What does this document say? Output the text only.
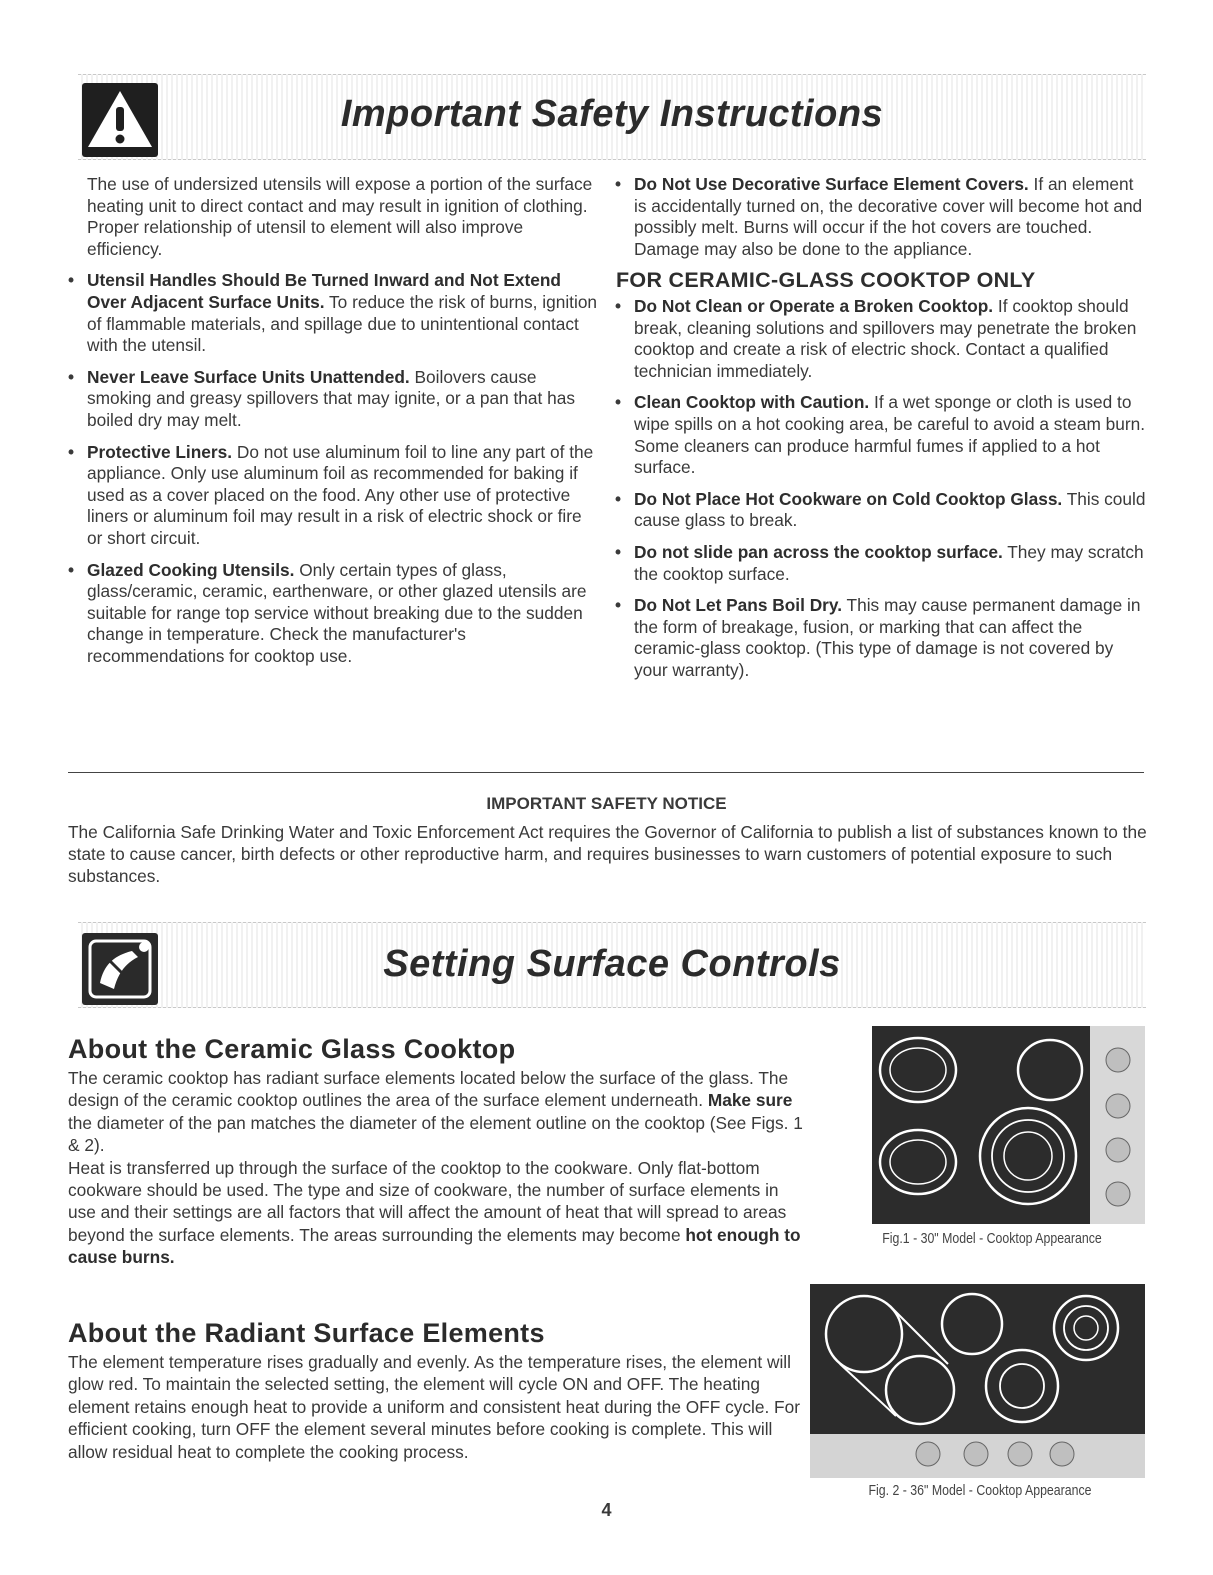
Important Safety Instructions

The use of undersized utensils will expose a portion of the surface heating unit to direct contact and may result in ignition of clothing. Proper relationship of utensil to element will also improve efficiency.

• Utensil Handles Should Be Turned Inward and Not Extend Over Adjacent Surface Units. To reduce the risk of burns, ignition of flammable materials, and spillage due to unintentional contact with the utensil.
• Never Leave Surface Units Unattended. Boilovers cause smoking and greasy spillovers that may ignite, or a pan that has boiled dry may melt.
• Protective Liners. Do not use aluminum foil to line any part of the appliance. Only use aluminum foil as recommended for baking if used as a cover placed on the food. Any other use of protective liners or aluminum foil may result in a risk of electric shock or fire or short circuit.
• Glazed Cooking Utensils. Only certain types of glass, glass/ceramic, ceramic, earthenware, or other glazed utensils are suitable for range top service without breaking due to the sudden change in temperature. Check the manufacturer's recommendations for cooktop use.
• Do Not Use Decorative Surface Element Covers. If an element is accidentally turned on, the decorative cover will become hot and possibly melt. Burns will occur if the hot covers are touched. Damage may also be done to the appliance.
FOR CERAMIC-GLASS COOKTOP ONLY
• Do Not Clean or Operate a Broken Cooktop. If cooktop should break, cleaning solutions and spillovers may penetrate the broken cooktop and create a risk of electric shock. Contact a qualified technician immediately.
• Clean Cooktop with Caution. If a wet sponge or cloth is used to wipe spills on a hot cooking area, be careful to avoid a steam burn. Some cleaners can produce harmful fumes if applied to a hot surface.
• Do Not Place Hot Cookware on Cold Cooktop Glass. This could cause glass to break.
• Do not slide pan across the cooktop surface. They may scratch the cooktop surface.
• Do Not Let Pans Boil Dry. This may cause permanent damage in the form of breakage, fusion, or marking that can affect the ceramic-glass cooktop. (This type of damage is not covered by your warranty).
IMPORTANT SAFETY NOTICE
The California Safe Drinking Water and Toxic Enforcement Act requires the Governor of California to publish a list of substances known to the state to cause cancer, birth defects or other reproductive harm, and requires businesses to warn customers of potential exposure to such substances.
Setting Surface Controls
About the Ceramic Glass Cooktop

The ceramic cooktop has radiant surface elements located below the surface of the glass. The design of the ceramic cooktop outlines the area of the surface element underneath. Make sure the diameter of the pan matches the diameter of the element outline on the cooktop (See Figs. 1 & 2).

Heat is transferred up through the surface of the cooktop to the cookware. Only flat-bottom cookware should be used. The type and size of cookware, the number of surface elements in use and their settings are all factors that will affect the amount of heat that will spread to areas beyond the surface elements. The areas surrounding the elements may become hot enough to cause burns.

About the Radiant Surface Elements

The element temperature rises gradually and evenly. As the temperature rises, the element will glow red. To maintain the selected setting, the element will cycle ON and OFF. The heating element retains enough heat to provide a uniform and consistent heat during the OFF cycle. For efficient cooking, turn OFF the element several minutes before cooking is complete. This will allow residual heat to complete the cooking process.

Fig.1 - 30" Model - Cooktop Appearance
Fig. 2 - 36" Model - Cooktop Appearance
4
